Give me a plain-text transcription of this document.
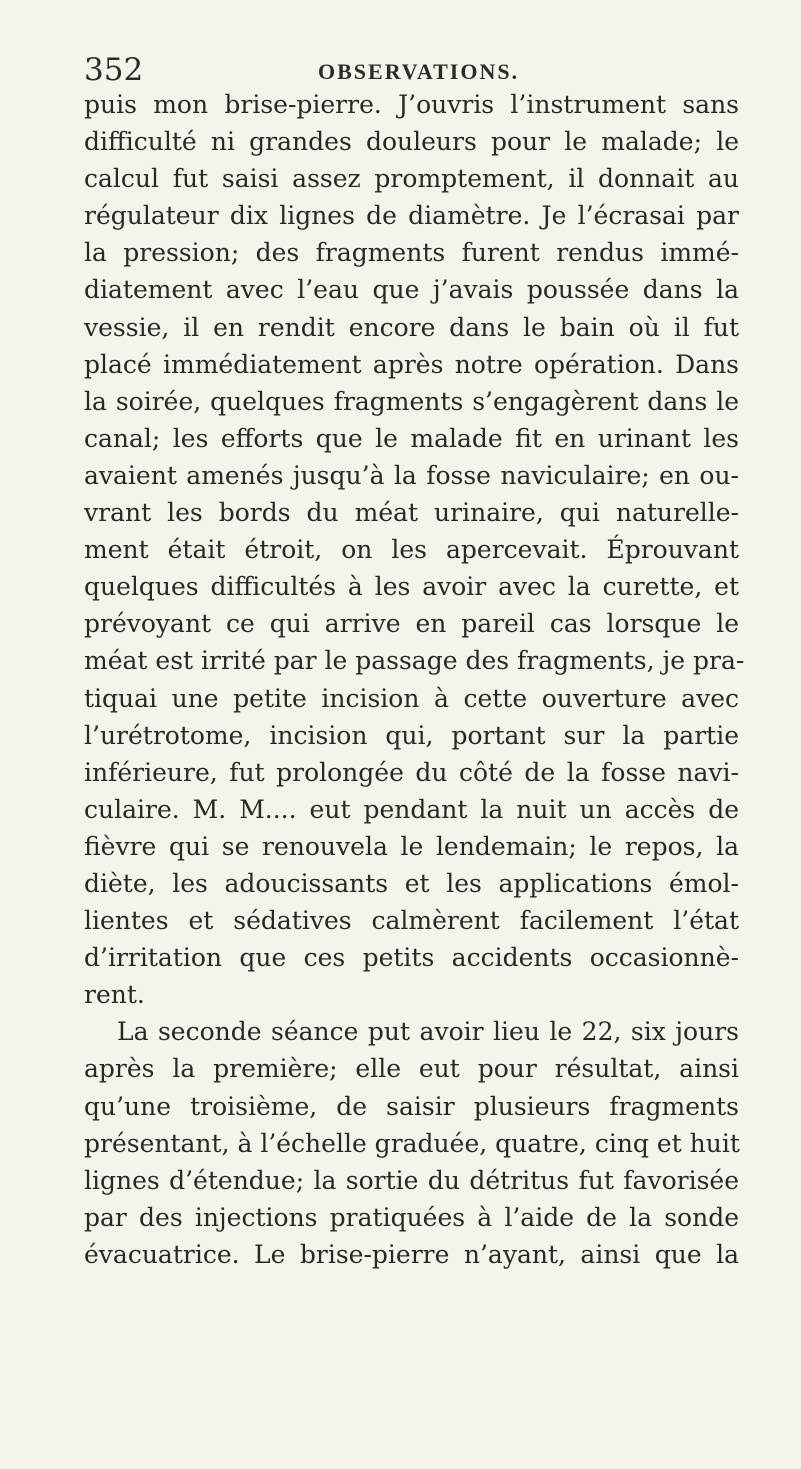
352	OBSERVATIONS.
puis mon brise-pierre. J’ouvris l’instrument sans
difficulté ni grandes douleurs pour le malade; le
calcul fut saisi assez promptement, il donnait au
régulateur dix lignes de diamètre. Je l’écrasai par
la pression; des fragments furent rendus immé-
diatement avec l’eau que j’avais poussée dans la
vessie, il en rendit encore dans le bain où il fut
placé immédiatement après notre opération. Dans
la soirée, quelques fragments s’engagèrent dans le
canal; les efforts que le malade fit en urinant les
avaient amenés jusqu’à la fosse naviculaire; en ou-
vrant les bords du méat urinaire, qui naturelle-
ment était étroit, on les apercevait. Éprouvant
quelques difficultés à les avoir avec la curette, et
prévoyant ce qui arrive en pareil cas lorsque le
méat est irrité par le passage des fragments, je pra-
tiquai une petite incision à cette ouverture avec
l’urétrotome, incision qui, portant sur la partie
inférieure, fut prolongée du côté de la fosse navi-
culaire. M. M.... eut pendant la nuit un accès de
fièvre qui se renouvela le lendemain; le repos, la
diète, les adoucissants et les applications émol-
lientes et sédatives calmèrent facilement l’état
d’irritation que ces petits accidents occasionnè-
rent.
La seconde séance put avoir lieu le 22, six jours
après la première; elle eut pour résultat, ainsi
qu’une troisième, de saisir plusieurs fragments
présentant, à l’échelle graduée, quatre, cinq et huit
lignes d’étendue; la sortie du détritus fut favorisée
par des injections pratiquées à l’aide de la sonde
évacuatrice. Le brise-pierre n’ayant, ainsi que la
